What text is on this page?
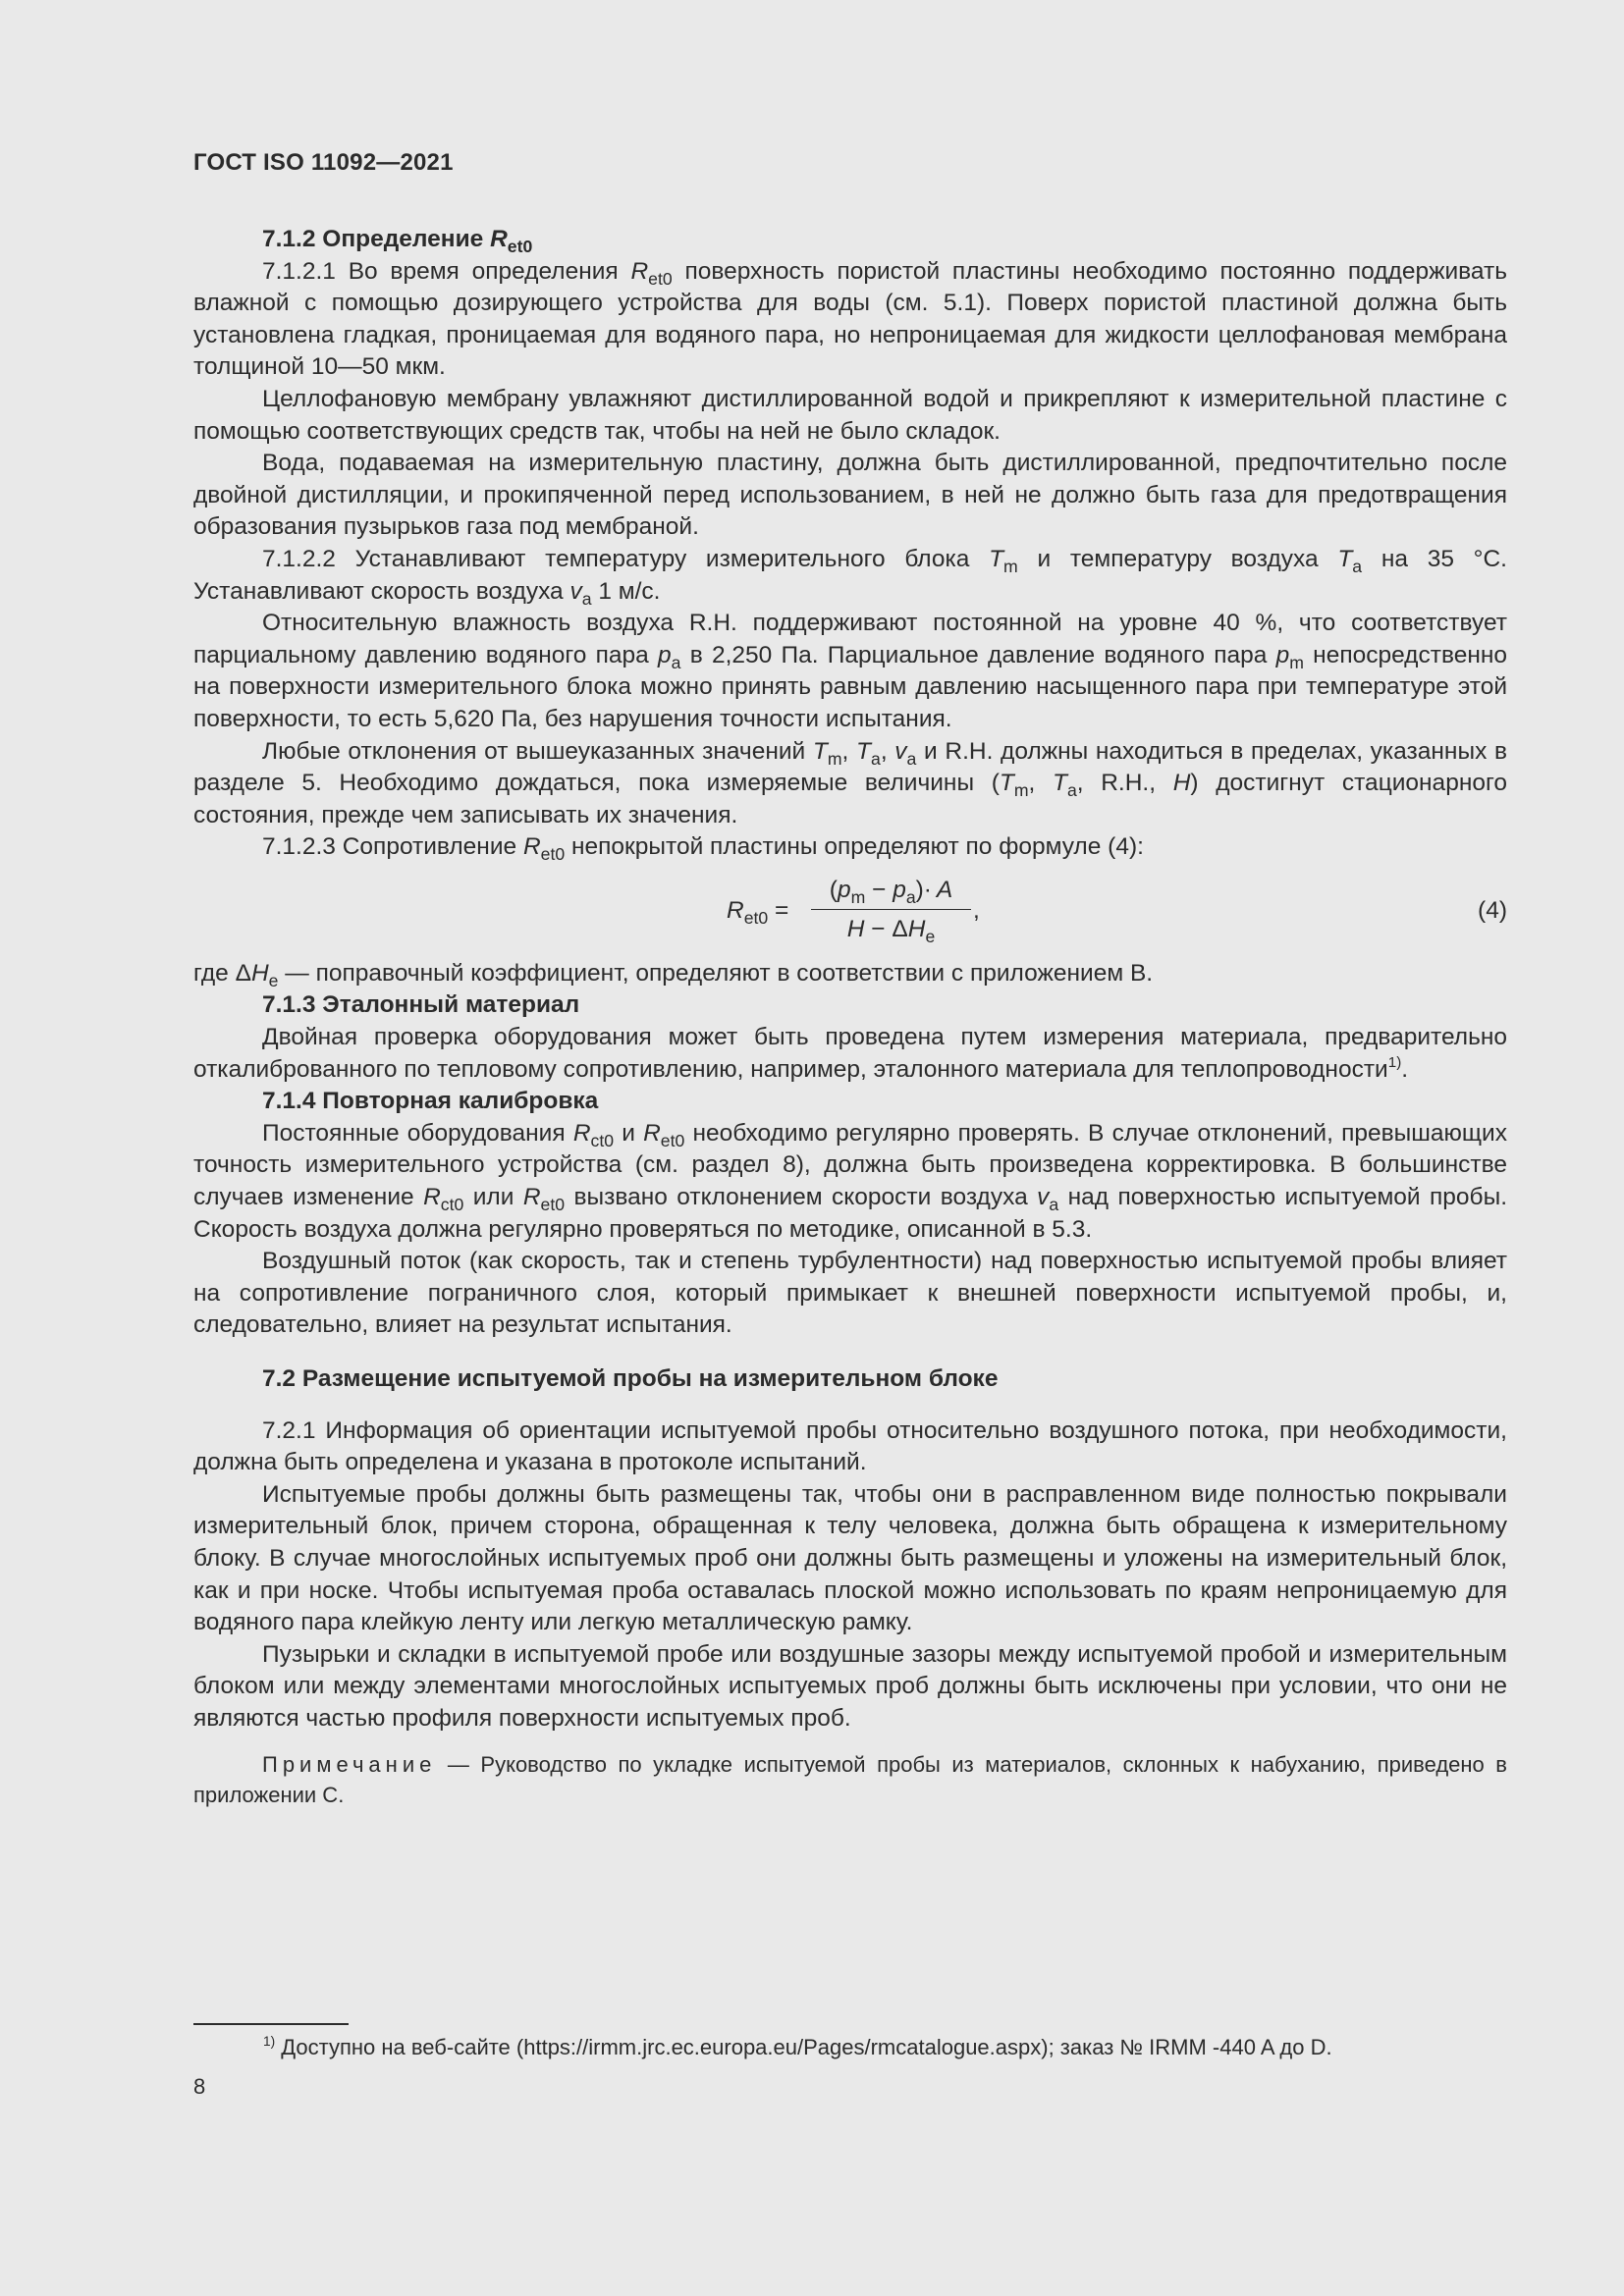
ГОСТ ISO 11092—2021

7.1.2 Определение $R_{et0}$

7.1.2.1 Во время определения $R_{et0}$ поверхность пористой пластины необходимо постоянно поддерживать влажной с помощью дозирующего устройства для воды (см. 5.1). Поверх пористой пластиной должна быть установлена гладкая, проницаемая для водяного пара, но непроницаемая для жидкости целлофановая мембрана толщиной 10—50 мкм.

Целлофановую мембрану увлажняют дистиллированной водой и прикрепляют к измерительной пластине с помощью соответствующих средств так, чтобы на ней не было складок.

Вода, подаваемая на измерительную пластину, должна быть дистиллированной, предпочтительно после двойной дистилляции, и прокипяченной перед использованием, в ней не должно быть газа для предотвращения образования пузырьков газа под мембраной.

7.1.2.2 Устанавливают температуру измерительного блока $T_m$ и температуру воздуха $T_a$ на 35 °C. Устанавливают скорость воздуха $v_a$ 1 м/с.

Относительную влажность воздуха R.H. поддерживают постоянной на уровне 40 %, что соответствует парциальному давлению водяного пара $p_a$ в 2,250 Па. Парциальное давление водяного пара $p_m$ непосредственно на поверхности измерительного блока можно принять равным давлению насыщенного пара при температуре этой поверхности, то есть 5,620 Па, без нарушения точности испытания.

Любые отклонения от вышеуказанных значений $T_m$, $T_a$, $v_a$ и R.H. должны находиться в пределах, указанных в разделе 5. Необходимо дождаться, пока измеряемые величины ($T_m$, $T_a$, R.H., H) достигнут стационарного состояния, прежде чем записывать их значения.

7.1.2.3 Сопротивление $R_{et0}$ непокрытой пластины определяют по формуле (4):

$R_{et0}$ =
$(p_m - p_a)\cdot A$
$H - \Delta H_e$
,	(4)

где $\Delta H_e$ — поправочный коэффициент, определяют в соответствии с приложением B.

7.1.3 Эталонный материал

Двойная проверка оборудования может быть проведена путем измерения материала, предварительно откалиброванного по тепловому сопротивлению, например, эталонного материала для теплопроводности$^{1)}$.

7.1.4 Повторная калибровка

Постоянные оборудования $R_{ct0}$ и $R_{et0}$ необходимо регулярно проверять. В случае отклонений, превышающих точность измерительного устройства (см. раздел 8), должна быть произведена корректировка. В большинстве случаев изменение $R_{ct0}$ или $R_{et0}$ вызвано отклонением скорости воздуха $v_a$ над поверхностью испытуемой пробы. Скорость воздуха должна регулярно проверяться по методике, описанной в 5.3.

Воздушный поток (как скорость, так и степень турбулентности) над поверхностью испытуемой пробы влияет на сопротивление пограничного слоя, который примыкает к внешней поверхности испытуемой пробы, и, следовательно, влияет на результат испытания.

7.2 Размещение испытуемой пробы на измерительном блоке

7.2.1 Информация об ориентации испытуемой пробы относительно воздушного потока, при необходимости, должна быть определена и указана в протоколе испытаний.

Испытуемые пробы должны быть размещены так, чтобы они в расправленном виде полностью покрывали измерительный блок, причем сторона, обращенная к телу человека, должна быть обращена к измерительному блоку. В случае многослойных испытуемых проб они должны быть размещены и уложены на измерительный блок, как и при носке. Чтобы испытуемая проба оставалась плоской можно использовать по краям непроницаемую для водяного пара клейкую ленту или легкую металлическую рамку.

Пузырьки и складки в испытуемой пробе или воздушные зазоры между испытуемой пробой и измерительным блоком или между элементами многослойных испытуемых проб должны быть исключены при условии, что они не являются частью профиля поверхности испытуемых проб.

Примечание — Руководство по укладке испытуемой пробы из материалов, склонных к набуханию, приведено в приложении C.

$^{1)}$ Доступно на веб-сайте (https://irmm.jrc.ec.europa.eu/Pages/rmcatalogue.aspx); заказ № IRMM -440 A до D.
8
